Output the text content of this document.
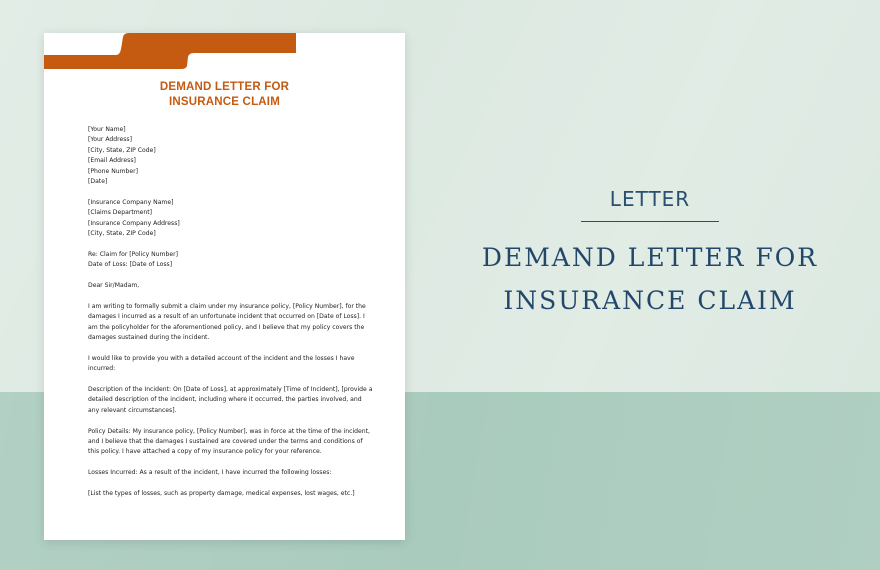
DEMAND LETTER FOR
INSURANCE CLAIM
[Your Name]
[Your Address]
[City, State, ZIP Code]
[Email Address]
[Phone Number]
[Date]
[Insurance Company Name]
[Claims Department]
[Insurance Company Address]
[City, State, ZIP Code]
Re: Claim for [Policy Number]
Date of Loss: [Date of Loss]
Dear Sir/Madam,
I am writing to formally submit a claim under my insurance policy, [Policy Number], for the damages I incurred as a result of an unfortunate incident that occurred on [Date of Loss]. I am the policyholder for the aforementioned policy, and I believe that my policy covers the damages sustained during the incident.
I would like to provide you with a detailed account of the incident and the losses I have incurred:
Description of the Incident: On [Date of Loss], at approximately [Time of Incident], [provide a detailed description of the incident, including where it occurred, the parties involved, and any relevant circumstances].
Policy Details: My insurance policy, [Policy Number], was in force at the time of the incident, and I believe that the damages I sustained are covered under the terms and conditions of this policy. I have attached a copy of my insurance policy for your reference.
Losses Incurred: As a result of the incident, I have incurred the following losses:
[List the types of losses, such as property damage, medical expenses, lost wages, etc.]
LETTER
DEMAND LETTER FOR
INSURANCE CLAIM
